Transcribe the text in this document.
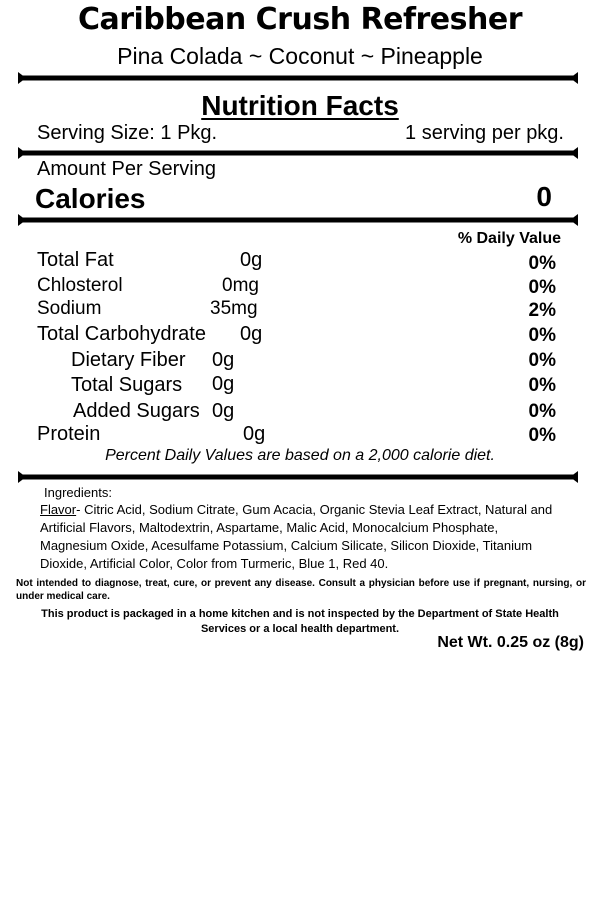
Caribbean Crush Refresher
Pina Colada ~ Coconut ~ Pineapple
Nutrition Facts
Serving Size: 1 Pkg.	1 serving per pkg.
Amount Per Serving
Calories	0
% Daily Value
Total Fat	0g	0%
Chlosterol	0mg	0%
Sodium	35mg	2%
Total Carbohydrate 0g	0%
Dietary Fiber 0g	0%
Total Sugars 0g	0%
Added Sugars 0g	0%
Protein	0g	0%
Percent Daily Values are based on a 2,000 calorie diet.
Ingredients:
Flavor- Citric Acid, Sodium Citrate, Gum Acacia, Organic Stevia Leaf Extract, Natural and Artificial Flavors, Maltodextrin, Aspartame, Malic Acid, Monocalcium Phosphate, Magnesium Oxide, Acesulfame Potassium, Calcium Silicate, Silicon Dioxide, Titanium Dioxide, Artificial Color, Color from Turmeric, Blue 1, Red 40.
Not intended to diagnose, treat, cure, or prevent any disease. Consult a physician before use if pregnant, nursing, or under medical care.
This product is packaged in a home kitchen and is not inspected by the Department of State Health Services or a local health department.
Net Wt. 0.25 oz (8g)
